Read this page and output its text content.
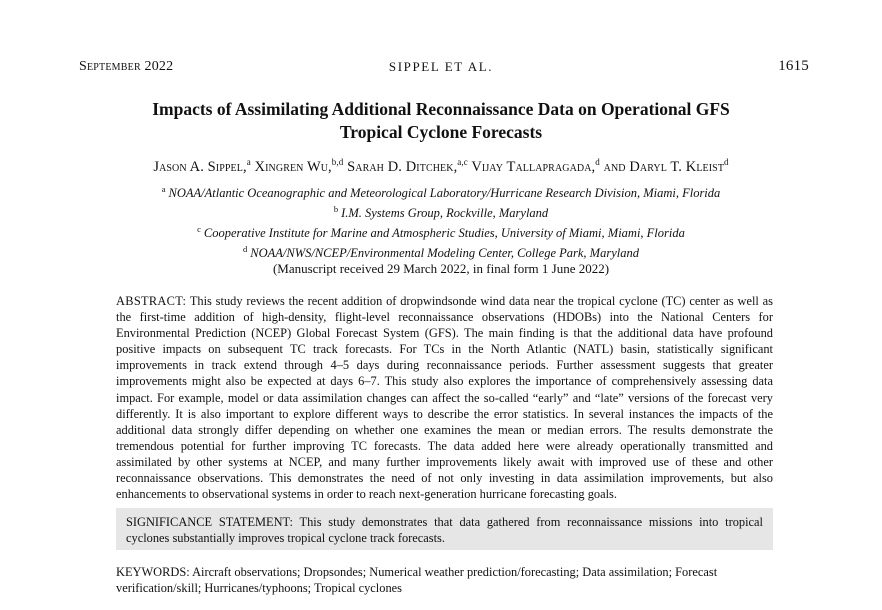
September 2022	SIPPEL ET AL.	1615
Impacts of Assimilating Additional Reconnaissance Data on Operational GFS
Tropical Cyclone Forecasts
Jason A. Sippel,$^a$ Xingren Wu,$^{b,d}$ Sarah D. Ditchek,$^{a,c}$ Vijay Tallapragada,$^d$ and Daryl T. Kleist$^d$
$^a$ NOAA/Atlantic Oceanographic and Meteorological Laboratory/Hurricane Research Division, Miami, Florida
$^b$ I.M. Systems Group, Rockville, Maryland
$^c$ Cooperative Institute for Marine and Atmospheric Studies, University of Miami, Miami, Florida
$^d$ NOAA/NWS/NCEP/Environmental Modeling Center, College Park, Maryland
(Manuscript received 29 March 2022, in final form 1 June 2022)
ABSTRACT: This study reviews the recent addition of dropwindsonde wind data near the tropical cyclone (TC) center as well as the first-time addition of high-density, flight-level reconnaissance observations (HDOBs) into the National Centers for Environmental Prediction (NCEP) Global Forecast System (GFS). The main finding is that the additional data have profound positive impacts on subsequent TC track forecasts. For TCs in the North Atlantic (NATL) basin, statistically significant improvements in track extend through 4–5 days during reconnaissance periods. Further assessment suggests that greater improvements might also be expected at days 6–7. This study also explores the importance of comprehensively assessing data impact. For example, model or data assimilation changes can affect the so-called “early” and “late” versions of the forecast very differently. It is also important to explore different ways to describe the error statistics. In several instances the impacts of the additional data strongly differ depending on whether one examines the mean or median errors. The results demonstrate the tremendous potential for further improving TC forecasts. The data added here were already operationally transmitted and assimilated by other systems at NCEP, and many further improvements likely await with improved use of these and other reconnaissance observations. This demonstrates the need of not only investing in data assimilation improvements, but also enhancements to observational systems in order to reach next-generation hurricane forecasting goals.
SIGNIFICANCE STATEMENT: This study demonstrates that data gathered from reconnaissance missions into tropical cyclones substantially improves tropical cyclone track forecasts.
KEYWORDS: Aircraft observations; Dropsondes; Numerical weather prediction/forecasting; Data assimilation; Forecast verification/skill; Hurricanes/typhoons; Tropical cyclones
